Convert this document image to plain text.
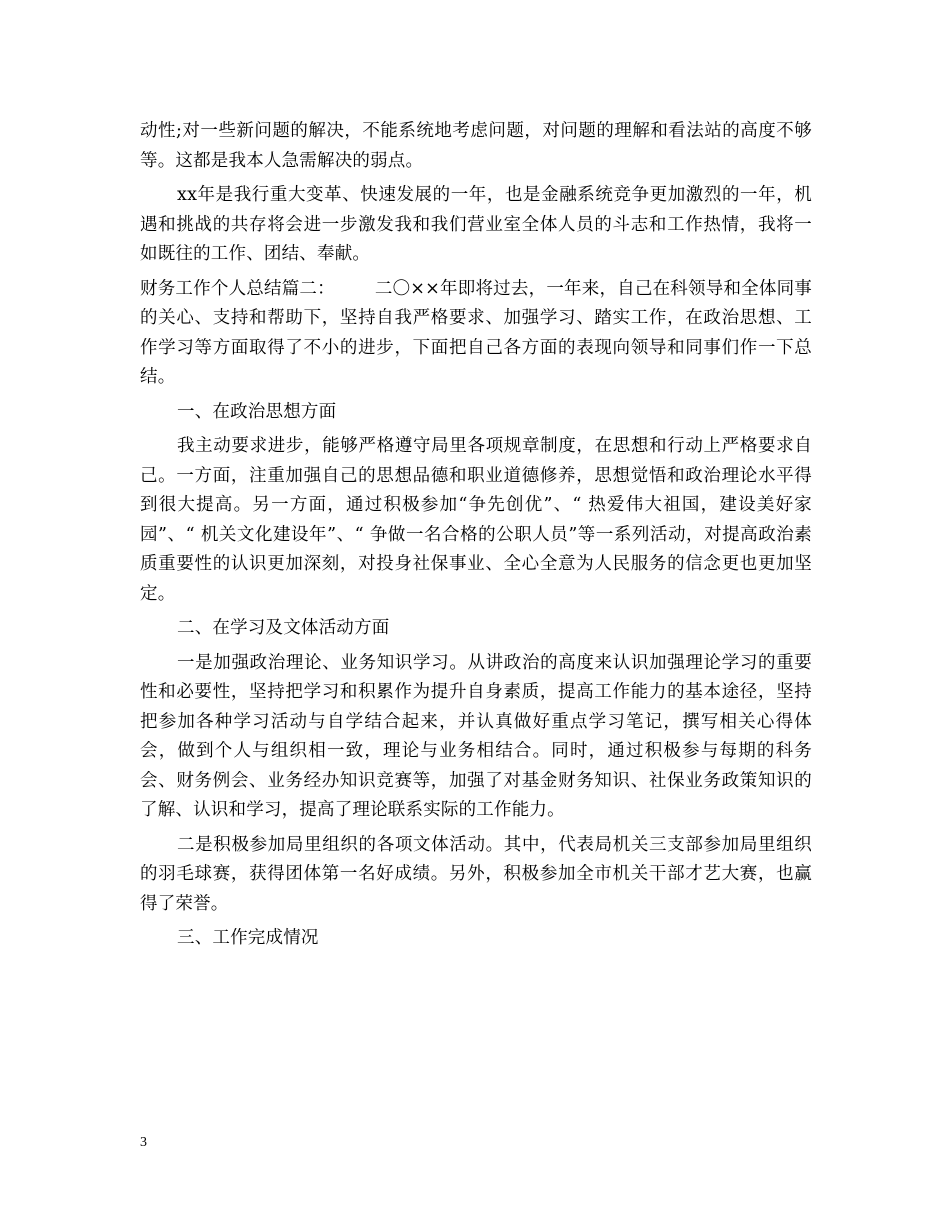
动性;对一些新问题的解决，不能系统地考虑问题，对问题的理解和看法站的高度不够等。这都是我本人急需解决的弱点。

xx年是我行重大变革、快速发展的一年，也是金融系统竞争更加激烈的一年，机遇和挑战的共存将会进一步激发我和我们营业室全体人员的斗志和工作热情，我将一如既往的工作、团结、奉献。

财务工作个人总结篇二： 二〇××年即将过去，一年来，自己在科领导和全体同事的关心、支持和帮助下，坚持自我严格要求、加强学习、踏实工作，在政治思想、工作学习等方面取得了不小的进步，下面把自己各方面的表现向领导和同事们作一下总结。

一、在政治思想方面

我主动要求进步，能够严格遵守局里各项规章制度，在思想和行动上严格要求自己。一方面，注重加强自己的思想品德和职业道德修养，思想觉悟和政治理论水平得到很大提高。另一方面，通过积极参加“争先创优”、“ 热爱伟大祖国，建设美好家园”、“ 机关文化建设年”、“ 争做一名合格的公职人员”等一系列活动，对提高政治素质重要性的认识更加深刻，对投身社保事业、全心全意为人民服务的信念更也更加坚定。

二、在学习及文体活动方面

一是加强政治理论、业务知识学习。从讲政治的高度来认识加强理论学习的重要性和必要性，坚持把学习和积累作为提升自身素质，提高工作能力的基本途径，坚持把参加各种学习活动与自学结合起来，并认真做好重点学习笔记，撰写相关心得体会，做到个人与组织相一致，理论与业务相结合。同时，通过积极参与每期的科务会、财务例会、业务经办知识竞赛等，加强了对基金财务知识、社保业务政策知识的了解、认识和学习，提高了理论联系实际的工作能力。

二是积极参加局里组织的各项文体活动。其中，代表局机关三支部参加局里组织的羽毛球赛，获得团体第一名好成绩。另外，积极参加全市机关干部才艺大赛，也赢得了荣誉。

三、工作完成情况

3
